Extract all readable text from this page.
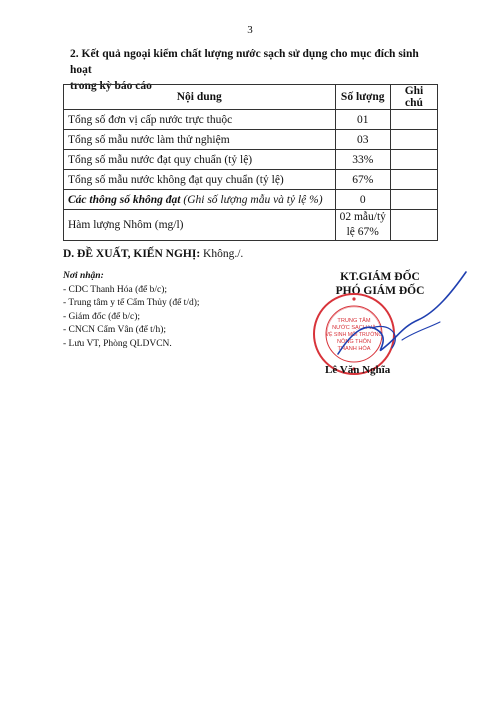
3
2. Kết quả ngoại kiểm chất lượng nước sạch sử dụng cho mục đích sinh hoạt
trong kỳ báo cáo
Nội dung	Số lượng	Ghi chú
Tổng số đơn vị cấp nước trực thuộc	01	
Tổng số mẫu nước làm thử nghiệm	03	
Tổng số mẫu nước đạt quy chuẩn (tỷ lệ)	33%	
Tổng số mẫu nước không đạt quy chuẩn (tỷ lệ)	67%	
Các thông số không đạt (Ghi số lượng mẫu và tỷ lệ %)	0	
Hàm lượng Nhôm (mg/l)	02 mẫu/tỷ
lệ 67%	

D. ĐỀ XUẤT, KIẾN NGHỊ: Không./.
Nơi nhận:
- CDC Thanh Hóa (để b/c);
- Trung tâm y tế Cẩm Thủy (để t/d);
- Giám đốc (để b/c);
- CNCN Cẩm Vân (để t/h);
- Lưu VT, Phòng QLDVCN.
KT.GIÁM ĐỐC
PHÓ GIÁM ĐỐC
TRUNG TÂM
NƯỚC SẠCH VÀ
VỆ SINH MÔI TRƯỜNG
NÔNG THÔN
THANH HÓA
Lê Văn Nghĩa
